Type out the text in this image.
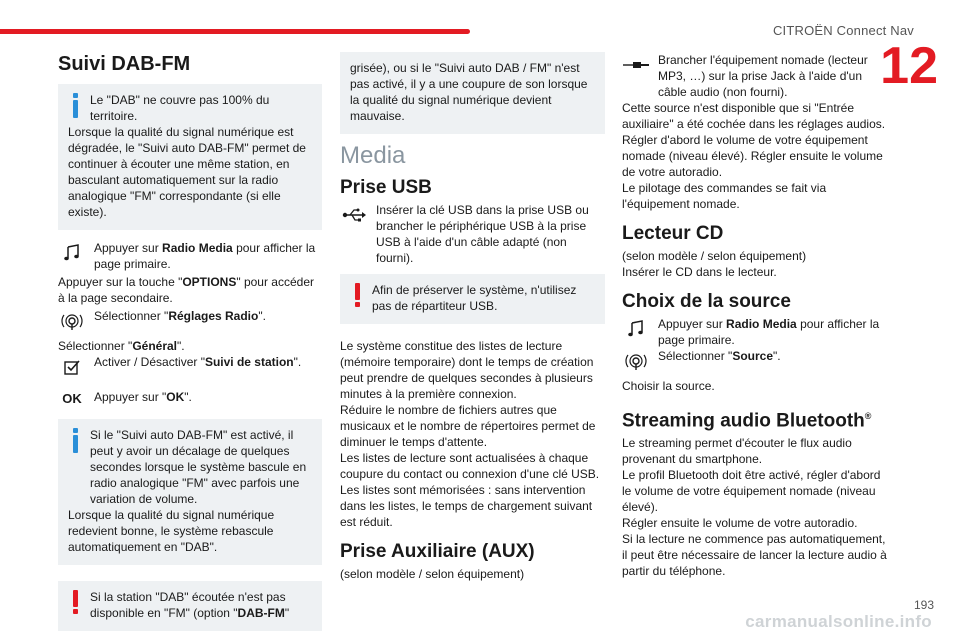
CITROËN Connect Nav
12
carmanualsonline.info
193
Suivi DAB-FM

Le "DAB" ne couvre pas 100% du territoire.

Lorsque la qualité du signal numérique est dégradée, le "Suivi auto DAB-FM" permet de continuer à écouter une même station, en basculant automatiquement sur la radio analogique "FM" correspondante (si elle existe).

Appuyer sur Radio Media pour afficher la page primaire.

Appuyer sur la touche "OPTIONS" pour accéder à la page secondaire.

Sélectionner "Réglages Radio".

Sélectionner "Général".

Activer / Désactiver "Suivi de station".

OK	Appuyer sur "OK".

Si le "Suivi auto DAB-FM" est activé, il peut y avoir un décalage de quelques secondes lorsque le système bascule en radio analogique "FM" avec parfois une variation de volume.

Lorsque la qualité du signal numérique redevient bonne, le système rebascule automatiquement en "DAB".

Si la station "DAB" écoutée n'est pas disponible en "FM" (option "DAB-FM"

grisée), ou si le "Suivi auto DAB / FM" n'est pas activé, il y a une coupure de son lorsque la qualité du signal numérique devient mauvaise.

Media
Prise USB

Insérer la clé USB dans la prise USB ou brancher le périphérique USB à la prise USB à l'aide d'un câble adapté (non fourni).

Afin de préserver le système, n'utilisez pas de répartiteur USB.

Le système constitue des listes de lecture (mémoire temporaire) dont le temps de création peut prendre de quelques secondes à plusieurs minutes à la première connexion.

Réduire le nombre de fichiers autres que musicaux et le nombre de répertoires permet de diminuer le temps d'attente.

Les listes de lecture sont actualisées à chaque coupure du contact ou connexion d'une clé USB.

Les listes sont mémorisées : sans intervention dans les listes, le temps de chargement suivant est réduit.

Prise Auxiliaire (AUX)

(selon modèle / selon équipement)

Brancher l'équipement nomade (lecteur MP3, …) sur la prise Jack à l'aide d'un câble audio (non fourni).

Cette source n'est disponible que si "Entrée auxiliaire" a été cochée dans les réglages audios.

Régler d'abord le volume de votre équipement nomade (niveau élevé). Régler ensuite le volume de votre autoradio.

Le pilotage des commandes se fait via l'équipement nomade.

Lecteur CD

(selon modèle / selon équipement)

Insérer le CD dans le lecteur.

Choix de la source

Appuyer sur Radio Media pour afficher la page primaire.

Sélectionner "Source".

Choisir la source.

Streaming audio Bluetooth®

Le streaming permet d'écouter le flux audio provenant du smartphone.

Le profil Bluetooth doit être activé, régler d'abord le volume de votre équipement nomade (niveau élevé).

Régler ensuite le volume de votre autoradio.

Si la lecture ne commence pas automatiquement, il peut être nécessaire de lancer la lecture audio à partir du téléphone.
